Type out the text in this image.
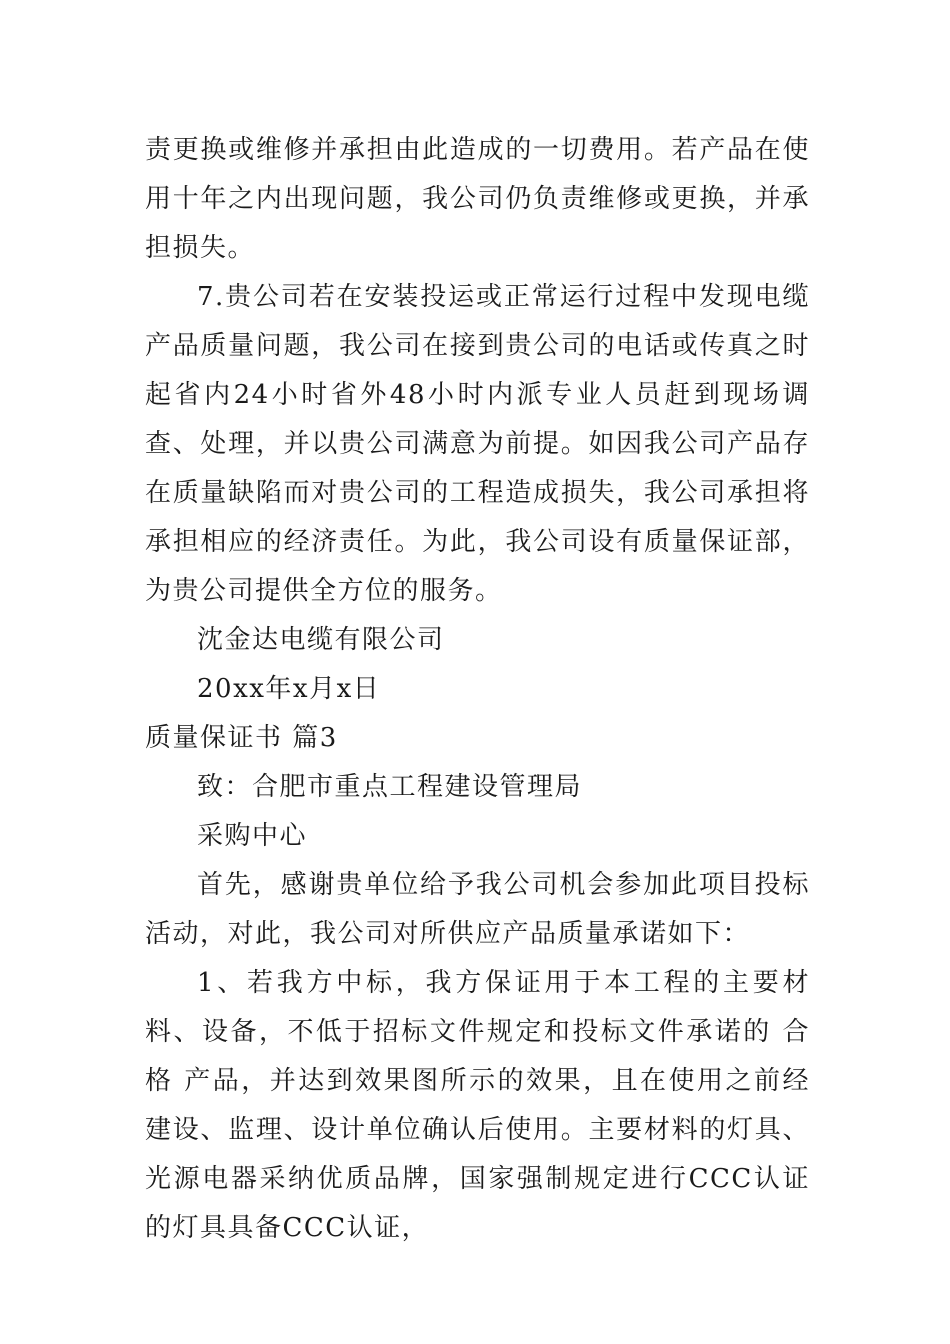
责更换或维修并承担由此造成的一切费用。若产品在使用十年之内出现问题，我公司仍负责维修或更换，并承担损失。

7.贵公司若在安装投运或正常运行过程中发现电缆产品质量问题，我公司在接到贵公司的电话或传真之时起省内24小时省外48小时内派专业人员赶到现场调查、处理，并以贵公司满意为前提。如因我公司产品存在质量缺陷而对贵公司的工程造成损失，我公司承担将承担相应的经济责任。为此，我公司设有质量保证部，为贵公司提供全方位的服务。

沈金达电缆有限公司

20xx年x月x日

质量保证书 篇3

致：合肥市重点工程建设管理局

采购中心

首先，感谢贵单位给予我公司机会参加此项目投标活动，对此，我公司对所供应产品质量承诺如下：

1、若我方中标，我方保证用于本工程的主要材料、设备，不低于招标文件规定和投标文件承诺的 合格 产品，并达到效果图所示的效果，且在使用之前经建设、监理、设计单位确认后使用。主要材料的灯具、光源电器采纳优质品牌，国家强制规定进行CCC认证的灯具具备CCC认证，
